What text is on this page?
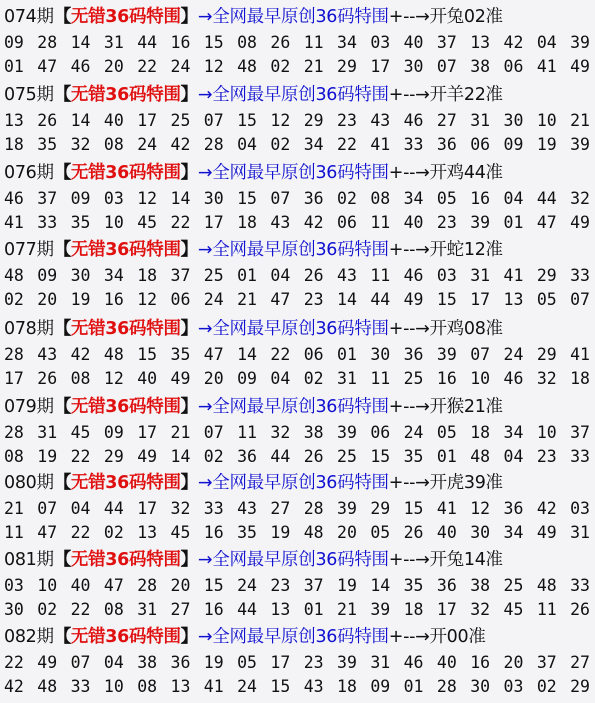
074期【无错36码特围】→全网最早原创36码特围+--→开兔02准
09 28 14 31 44 16 15 08 26 11 34 03 40 37 13 42 04 39
01 47 46 20 22 24 12 48 02 21 29 17 30 07 38 06 41 49
075期【无错36码特围】→全网最早原创36码特围+--→开羊22准
13 26 14 40 17 25 07 15 12 29 23 43 46 27 31 30 10 21
18 35 32 08 24 42 28 04 02 34 22 41 33 36 06 09 19 39
076期【无错36码特围】→全网最早原创36码特围+--→开鸡44准
46 37 09 03 12 14 30 15 07 36 02 08 34 05 16 04 44 32
41 33 35 10 45 22 17 18 43 42 06 11 40 23 39 01 47 49
077期【无错36码特围】→全网最早原创36码特围+--→开蛇12准
48 09 30 34 18 37 25 01 04 26 43 11 46 03 31 41 29 33
02 20 19 16 12 06 24 21 47 23 14 44 49 15 17 13 05 07
078期【无错36码特围】→全网最早原创36码特围+--→开鸡08准
28 43 42 48 15 35 47 14 22 06 01 30 36 39 07 24 29 41
17 26 08 12 40 49 20 09 04 02 31 11 25 16 10 46 32 18
079期【无错36码特围】→全网最早原创36码特围+--→开猴21准
28 31 45 09 17 21 07 11 32 38 39 06 24 05 18 34 10 37
08 19 22 29 49 14 02 36 44 26 25 15 35 01 48 04 23 33
080期【无错36码特围】→全网最早原创36码特围+--→开虎39准
21 07 04 44 17 32 33 43 27 28 39 29 15 41 12 36 42 03
11 47 22 02 13 45 16 35 19 48 20 05 26 40 30 34 49 31
081期【无错36码特围】→全网最早原创36码特围+--→开兔14准
03 10 40 47 28 20 15 24 23 37 19 14 35 36 38 25 48 33
30 02 22 08 31 27 16 44 13 01 21 39 18 17 32 45 11 26
082期【无错36码特围】→全网最早原创36码特围+--→开00准
22 49 07 04 38 36 19 05 17 23 39 31 46 40 16 20 37 27
42 48 33 10 08 13 41 24 15 43 18 09 01 28 30 03 02 29
